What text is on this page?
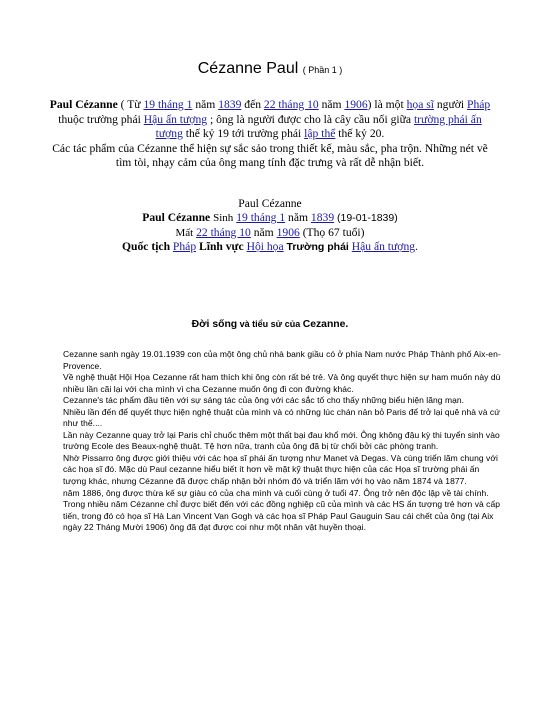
Cézanne Paul ( Phần 1 )
Paul Cézanne ( Từ 19 tháng 1 năm 1839 đến 22 tháng 10 năm 1906) là một họa sĩ người Pháp thuộc trường phái Hậu ấn tượng ; ông là người được cho là cây cầu nối giữa trường phái ấn tượng thế kỷ 19 tới trường phái lập thể thế kỷ 20.
Các tác phẩm của Cézanne thể hiện sự sắc sảo trong thiết kế, màu sắc, pha trộn. Những nét vẽ tìm tòi, nhạy cảm của ông mang tính đặc trưng và rất dễ nhận biết.
Paul Cézanne
Paul Cézanne Sinh 19 tháng 1 năm 1839 (19-01-1839)
Mất 22 tháng 10 năm 1906 (Thọ 67 tuổi)
Quốc tịch Pháp Lĩnh vực Hội họa Trường phái Hậu ấn tượng.
Đời sống và tiểu sử của Cezanne.

Cezanne sanh ngày 19.01.1939 con của một ông chủ nhà bank giầu có ở phía Nam nước Pháp Thành phố Aix-en-Provence.

Về nghệ thuật Hội Họa Cezanne rất ham thích khi ông còn rất bé trẻ. Và ông quyết thực hiện sự ham muốn này dù nhiều lần cãi lại với cha mình vì cha Cezanne muốn ông đi con đường khác.

Cezanne's tác phẩm đầu tiên với sự sáng tác của ông với các sắc tố cho thấy những biểu hiện lãng mạn.

Nhiều lần đến để quyết thực hiện nghệ thuật của mình và có những lúc chán nản bỏ Paris để trở lại quê nhà và cứ như thế....

Lần này Cezanne quay trở lại Paris chỉ chuốc thêm một thất bại đau khổ mới. Ông không đậu kỳ thi tuyển sinh vào trường Ecole des Beaux-nghệ thuật. Tệ hơn nữa, tranh của ông đã bị từ chối bởi các phòng tranh.

Nhờ Pissarro ông được giới thiệu với các họa sĩ phái ấn tượng như Manet và Degas. Và cùng triển lãm chung với các họa sĩ đó. Mặc dù Paul cezanne hiểu biết ít hơn về mặt kỹ thuật thực hiện của các Họa sĩ trường phái ấn tượng khác, nhưng Cézanne đã được chấp nhận bởi nhóm đó và triển lãm với họ vào năm 1874 và 1877.

năm 1886, ông được thừa kế sự giàu có của cha mình và cuối cùng ở tuổi 47. Ông trở nên độc lập về tài chính.

Trong nhiều năm Cézanne chỉ được biết đến với các đồng nghiệp cũ của mình và các HS ấn tượng trẻ hơn và cấp tiến, trong đó có họa sĩ Hà Lan Vincent Van Gogh và các họa sĩ Pháp Paul Gauguin Sau cái chết của ông (tại Aix ngày 22 Tháng Mười 1906) ông đã đạt được coi như một nhân vật huyền thoại.
